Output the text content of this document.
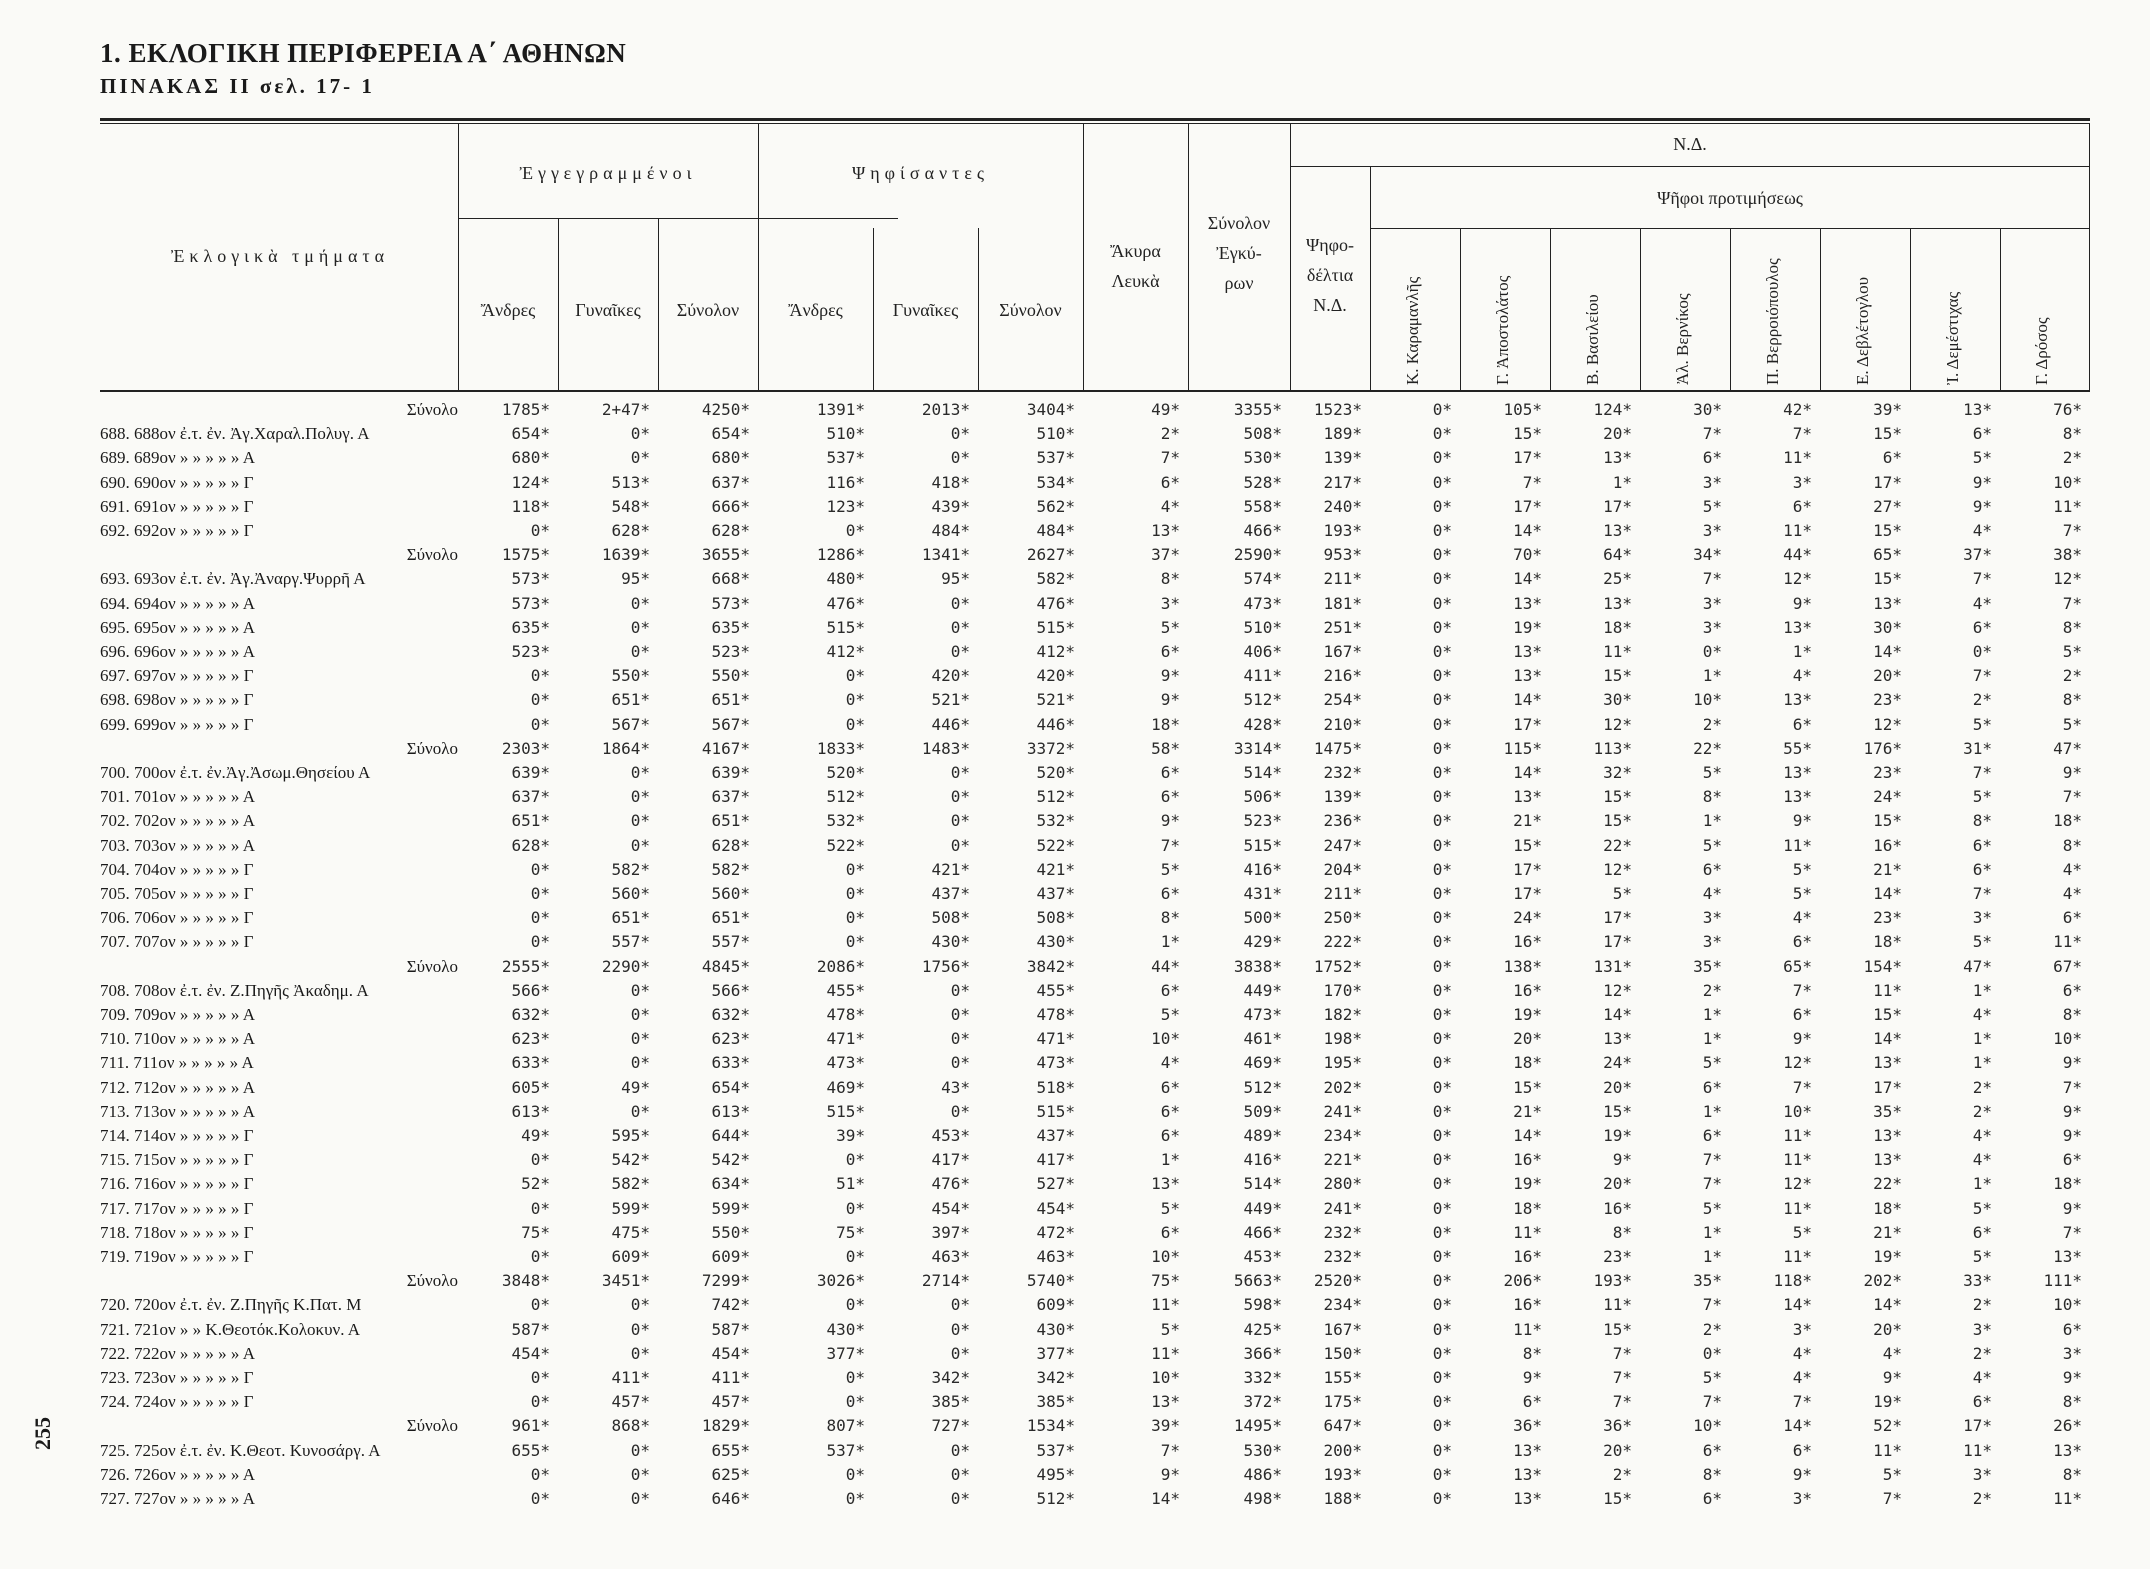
1. ΕΚΛΟΓΙΚΗ ΠΕΡΙΦΕΡΕΙΑ Α΄ ΑΘΗΝΩΝ
ΠΙΝΑΚΑΣ ΙΙ σελ. 17- 1
255
Ἐκλογικὰ τμήματα
Ἐγγεγραμμένοι	Ψηφίσαντες
Ἄνδρες	Γυναῖκες	Σύνολον	Ἄνδρες	Γυναῖκες	Σύνολον
Ἄκυρα
Λευκὰ
Σύνολον
Ἐγκύ-
ρων
Ψηφο-
δέλτια
Ν.Δ.
Ν.Δ.
Ψῆφοι προτιμήσεως
Κ. Καραμανλῆς	Γ. Ἀποστολάτος	Β. Βασιλείου	Ἀλ. Βερνίκος	Π. Βερροιόπουλος	Ε. Δεβλέτογλου	Ἰ. Δεμέστιχας	Γ. Δρόσος
Σύνολο	1785*	2+47*	4250*	1391*	2013*	3404*	49*	3355*	1523*	0*	105*	124*	30*	42*	39*	13*	76*
688. 688ον ἐ.τ. ἐν. Ἀγ.Χαραλ.Πολυγ. Α	654*	0*	654*	510*	0*	510*	2*	508*	189*	0*	15*	20*	7*	7*	15*	6*	8*
689. 689ον » » » » » Α	680*	0*	680*	537*	0*	537*	7*	530*	139*	0*	17*	13*	6*	11*	6*	5*	2*
690. 690ον » » » » » Γ	124*	513*	637*	116*	418*	534*	6*	528*	217*	0*	7*	1*	3*	3*	17*	9*	10*
691. 691ον » » » » » Γ	118*	548*	666*	123*	439*	562*	4*	558*	240*	0*	17*	17*	5*	6*	27*	9*	11*
692. 692ον » » » » » Γ	0*	628*	628*	0*	484*	484*	13*	466*	193*	0*	14*	13*	3*	11*	15*	4*	7*
Σύνολο	1575*	1639*	3655*	1286*	1341*	2627*	37*	2590*	953*	0*	70*	64*	34*	44*	65*	37*	38*
693. 693ον ἐ.τ. ἐν. Ἀγ.Ἀναργ.Ψυρρῆ Α	573*	95*	668*	480*	95*	582*	8*	574*	211*	0*	14*	25*	7*	12*	15*	7*	12*
694. 694ον » » » » » Α	573*	0*	573*	476*	0*	476*	3*	473*	181*	0*	13*	13*	3*	9*	13*	4*	7*
695. 695ον » » » » » Α	635*	0*	635*	515*	0*	515*	5*	510*	251*	0*	19*	18*	3*	13*	30*	6*	8*
696. 696ον » » » » » Α	523*	0*	523*	412*	0*	412*	6*	406*	167*	0*	13*	11*	0*	1*	14*	0*	5*
697. 697ον » » » » » Γ	0*	550*	550*	0*	420*	420*	9*	411*	216*	0*	13*	15*	1*	4*	20*	7*	2*
698. 698ον » » » » » Γ	0*	651*	651*	0*	521*	521*	9*	512*	254*	0*	14*	30*	10*	13*	23*	2*	8*
699. 699ον » » » » » Γ	0*	567*	567*	0*	446*	446*	18*	428*	210*	0*	17*	12*	2*	6*	12*	5*	5*
Σύνολο	2303*	1864*	4167*	1833*	1483*	3372*	58*	3314*	1475*	0*	115*	113*	22*	55*	176*	31*	47*
700. 700ον ἐ.τ. ἐν.Ἀγ.Ἀσωμ.Θησείου Α	639*	0*	639*	520*	0*	520*	6*	514*	232*	0*	14*	32*	5*	13*	23*	7*	9*
701. 701ον » » » » » Α	637*	0*	637*	512*	0*	512*	6*	506*	139*	0*	13*	15*	8*	13*	24*	5*	7*
702. 702ον » » » » » Α	651*	0*	651*	532*	0*	532*	9*	523*	236*	0*	21*	15*	1*	9*	15*	8*	18*
703. 703ον » » » » » Α	628*	0*	628*	522*	0*	522*	7*	515*	247*	0*	15*	22*	5*	11*	16*	6*	8*
704. 704ον » » » » » Γ	0*	582*	582*	0*	421*	421*	5*	416*	204*	0*	17*	12*	6*	5*	21*	6*	4*
705. 705ον » » » » » Γ	0*	560*	560*	0*	437*	437*	6*	431*	211*	0*	17*	5*	4*	5*	14*	7*	4*
706. 706ον » » » » » Γ	0*	651*	651*	0*	508*	508*	8*	500*	250*	0*	24*	17*	3*	4*	23*	3*	6*
707. 707ον » » » » » Γ	0*	557*	557*	0*	430*	430*	1*	429*	222*	0*	16*	17*	3*	6*	18*	5*	11*
Σύνολο	2555*	2290*	4845*	2086*	1756*	3842*	44*	3838*	1752*	0*	138*	131*	35*	65*	154*	47*	67*
708. 708ον ἐ.τ. ἐν. Ζ.Πηγῆς Ἀκαδημ. Α	566*	0*	566*	455*	0*	455*	6*	449*	170*	0*	16*	12*	2*	7*	11*	1*	6*
709. 709ον » » » » » Α	632*	0*	632*	478*	0*	478*	5*	473*	182*	0*	19*	14*	1*	6*	15*	4*	8*
710. 710ον » » » » » Α	623*	0*	623*	471*	0*	471*	10*	461*	198*	0*	20*	13*	1*	9*	14*	1*	10*
711. 711ον » » » » » Α	633*	0*	633*	473*	0*	473*	4*	469*	195*	0*	18*	24*	5*	12*	13*	1*	9*
712. 712ον » » » » » Α	605*	49*	654*	469*	43*	518*	6*	512*	202*	0*	15*	20*	6*	7*	17*	2*	7*
713. 713ον » » » » » Α	613*	0*	613*	515*	0*	515*	6*	509*	241*	0*	21*	15*	1*	10*	35*	2*	9*
714. 714ον » » » » » Γ	49*	595*	644*	39*	453*	437*	6*	489*	234*	0*	14*	19*	6*	11*	13*	4*	9*
715. 715ον » » » » » Γ	0*	542*	542*	0*	417*	417*	1*	416*	221*	0*	16*	9*	7*	11*	13*	4*	6*
716. 716ον » » » » » Γ	52*	582*	634*	51*	476*	527*	13*	514*	280*	0*	19*	20*	7*	12*	22*	1*	18*
717. 717ον » » » » » Γ	0*	599*	599*	0*	454*	454*	5*	449*	241*	0*	18*	16*	5*	11*	18*	5*	9*
718. 718ον » » » » » Γ	75*	475*	550*	75*	397*	472*	6*	466*	232*	0*	11*	8*	1*	5*	21*	6*	7*
719. 719ον » » » » » Γ	0*	609*	609*	0*	463*	463*	10*	453*	232*	0*	16*	23*	1*	11*	19*	5*	13*
Σύνολο	3848*	3451*	7299*	3026*	2714*	5740*	75*	5663*	2520*	0*	206*	193*	35*	118*	202*	33*	111*
720. 720ον ἐ.τ. ἐν. Ζ.Πηγῆς Κ.Πατ. Μ	0*	0*	742*	0*	0*	609*	11*	598*	234*	0*	16*	11*	7*	14*	14*	2*	10*
721. 721ον » » Κ.Θεοτόκ.Κολοκυν. Α	587*	0*	587*	430*	0*	430*	5*	425*	167*	0*	11*	15*	2*	3*	20*	3*	6*
722. 722ον » » » » » Α	454*	0*	454*	377*	0*	377*	11*	366*	150*	0*	8*	7*	0*	4*	4*	2*	3*
723. 723ον » » » » » Γ	0*	411*	411*	0*	342*	342*	10*	332*	155*	0*	9*	7*	5*	4*	9*	4*	9*
724. 724ον » » » » » Γ	0*	457*	457*	0*	385*	385*	13*	372*	175*	0*	6*	7*	7*	7*	19*	6*	8*
Σύνολο	961*	868*	1829*	807*	727*	1534*	39*	1495*	647*	0*	36*	36*	10*	14*	52*	17*	26*
725. 725ον ἐ.τ. ἐν. Κ.Θεοτ. Κυνοσάργ. Α	655*	0*	655*	537*	0*	537*	7*	530*	200*	0*	13*	20*	6*	6*	11*	11*	13*
726. 726ον » » » » » Α	0*	0*	625*	0*	0*	495*	9*	486*	193*	0*	13*	2*	8*	9*	5*	3*	8*
727. 727ον » » » » » Α	0*	0*	646*	0*	0*	512*	14*	498*	188*	0*	13*	15*	6*	3*	7*	2*	11*
